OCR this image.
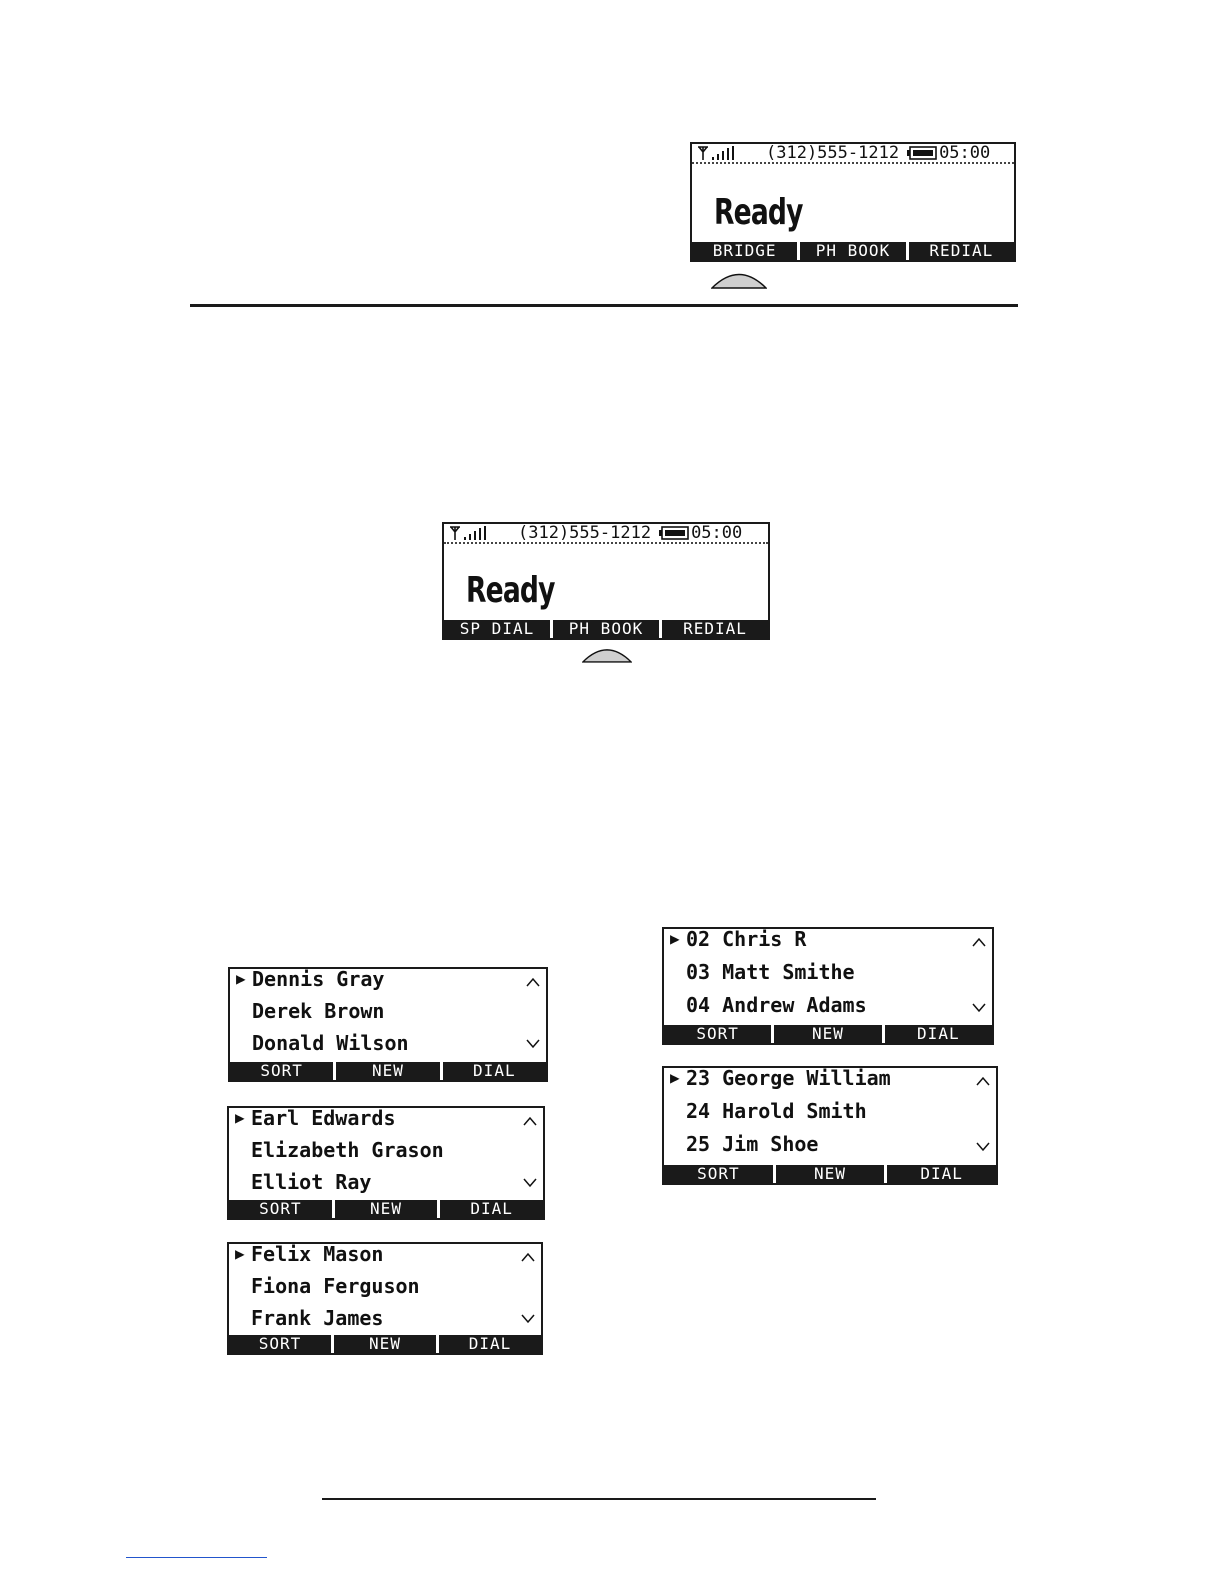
(312)555-1212 05:00
Ready
BRIDGE	PH BOOK	REDIAL
(312)555-1212 05:00
Ready
SP DIAL	PH BOOK	REDIAL
▶ Dennis Gray
Derek Brown
Donald Wilson
SORT	NEW	DIAL
▶ Earl Edwards
Elizabeth Grason
Elliot Ray
SORT	NEW	DIAL
▶ Felix Mason
Fiona Ferguson
Frank James
SORT	NEW	DIAL
▶ 02 Chris R
03 Matt Smithe
04 Andrew Adams
SORT	NEW	DIAL
▶ 23 George William
24 Harold Smith
25 Jim Shoe
SORT	NEW	DIAL
